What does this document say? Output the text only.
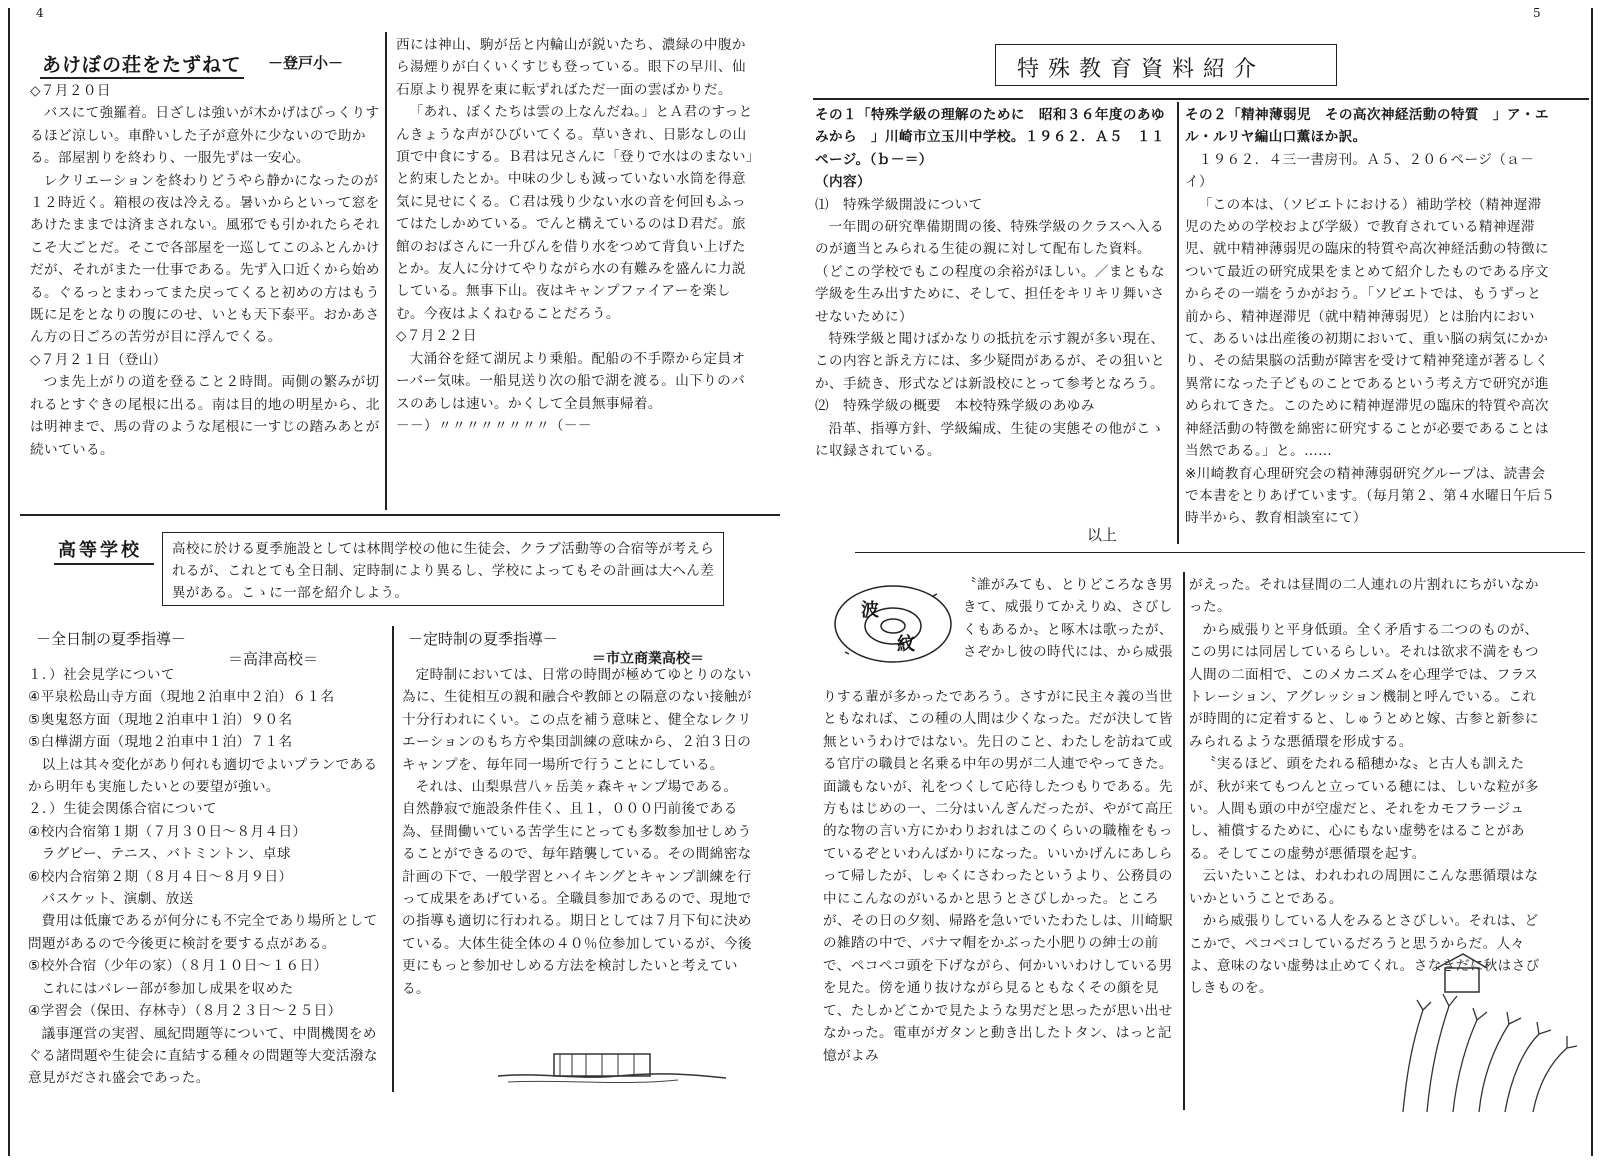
4
あけぼの荘をたずねて －登戸小－

◇７月２０日

バスにて強羅着。日ざしは強いが木かげはびっくりするほど涼しい。車酔いした子が意外に少ないので助かる。部屋割りを終わり、一服先ずは一安心。

レクリエーションを終わりどうやら静かになったのが１２時近く。箱根の夜は冷える。暑いからといって窓をあけたままでは済まされない。風邪でも引かれたらそれこそ大ごとだ。そこで各部屋を一巡してこのふとんかけだが、それがまた一仕事である。先ず入口近くから始める。ぐるっとまわってまた戻ってくると初めの方はもう既に足をとなりの腹にのせ、いとも天下泰平。おかあさん方の日ごろの苦労が目に浮んでくる。

◇７月２１日（登山）

つま先上がりの道を登ること２時間。両側の繁みが切れるとすぐきの尾根に出る。南は目的地の明星から、北は明神まで、馬の背のような尾根に一すじの踏みあとが続いている。

西には神山、駒が岳と内輪山が鋭いたち、濃緑の中腹から湯煙りが白くいくすじも登っている。眼下の早川、仙石原より視界を東に転ずればただ一面の雲ばかりだ。

「あれ、ぼくたちは雲の上なんだね。」とＡ君のすっとんきょうな声がひびいてくる。草いきれ、日影なしの山頂で中食にする。Ｂ君は兄さんに「登りで水はのまない」と約束したとか。中味の少しも減っていない水筒を得意気に見せにくる。Ｃ君は残り少ない水の音を何回もふってはたしかめている。でんと構えているのはＤ君だ。旅館のおばさんに一升びんを借り水をつめて背負い上げたとか。友人に分けてやりながら水の有難みを盛んに力説している。無事下山。夜はキャンプファイアーを楽しむ。今夜はよくねむることだろう。

◇７月２２日

大涌谷を経て湖尻より乗船。配船の不手際から定員オーバー気味。一船見送り次の船で湖を渡る。山下りのバスのあしは速い。かくして全員無事帰着。

－－）〃〃〃〃〃〃〃〃（－－

高等学校 高校に於ける夏季施設としては林間学校の他に生徒会、クラブ活動等の合宿等が考えられるが、これとても全日制、定時制により異るし、学校によってもその計画は大へん差異がある。こゝに一部を紹介しよう。
－全日制の夏季指導－
＝高津高校＝

１．）社会見学について

④平泉松島山寺方面（現地２泊車中２泊）６１名

⑤奥鬼怒方面（現地２泊車中１泊）９０名

⑤白樺湖方面（現地２泊車中１泊）７１名

以上は其々変化があり何れも適切でよいプランであるから明年も実施したいとの要望が強い。

２．）生徒会関係合宿について

④校内合宿第１期（７月３０日〜８月４日）

ラグビー、テニス、バトミントン、卓球

⑥校内合宿第２期（８月４日〜８月９日）

バスケット、演劇、放送

費用は低廉であるが何分にも不完全であり場所として問題があるので今後更に検討を要する点がある。

⑤校外合宿（少年の家）（８月１０日〜１６日）

これにはバレー部が参加し成果を収めた

④学習会（保田、存林寺）（８月２３日〜２５日）

議事運営の実習、風紀問題等について、中間機関をめぐる諸問題や生徒会に直結する種々の問題等大変活潑な意見がだされ盛会であった。

－定時制の夏季指導－
＝市立商業高校＝

定時制においては、日常の時間が極めてゆとりのない為に、生徒相互の親和融合や教師との隔意のない接触が十分行われにくい。この点を補う意味と、健全なレクリエーションのもち方や集団訓練の意味から、２泊３日のキャンプを、毎年同一場所で行うことにしている。

それは、山梨県营八ヶ岳美ヶ森キャンプ場である。　自然静寂で施設条件佳く、且１，０００円前後である為、昼間働いている苦学生にとっても多数参加せしめうることができるので、毎年踏襲している。その間綿密な計画の下で、一般学習とハイキングとキャンプ訓練を行って成果をあげている。全職員参加であるので、現地での指導も適切に行われる。期日としては７月下旬に決めている。大体生徒全体の４０％位参加しているが、今後更にもっと参加せしめる方法を検討したいと考えている。

5
特殊教育資料紹介

その１「特殊学級の理解のために　昭和３６年度のあゆみから　」川崎市立玉川中学校。１９６２．Ａ５　１１ページ。（ｂ－＝）

（内容）

⑴　特殊学級開設について

一年間の研究準備期間の後、特殊学級のクラスへ入るのが適当とみられる生徒の親に対して配布した資料。（どこの学校でもこの程度の余裕がほしい。／まともな学級を生み出すために、そして、担任をキリキリ舞いさせないために）

特殊学級と聞けばかなりの抵抗を示す親が多い現在、この内容と訴え方には、多少疑問があるが、その狙いとか、手続き、形式などは新設校にとって参考となろう。

⑵　特殊学級の概要　本校特殊学級のあゆみ

沿革、指導方針、学級編成、生徒の実態その他がこゝに収録されている。

以上

その２「精神薄弱児　その高次神経活動の特質　」ア・エル・ルリヤ編山口薫ほか訳。

１９６２．４三一書房刊。Ａ５、２０６ページ（ａ－イ）

「この本は、（ソビエトにおける）補助学校（精神遅滞児のための学校および学級）で教育されている精神遅滞児、就中精神薄弱児の臨床的特質や高次神経活動の特徴について最近の研究成果をまとめて紹介したものである序文からその一端をうかがおう。「ソビエトでは、もうずっと前から、精神遅滞児（就中精神薄弱児）とは胎内において、あるいは出産後の初期において、重い脳の病気にかかり、その結果脳の活動が障害を受けて精神発達が著るしく異常になった子どものことであるという考え方で研究が進められてきた。このために精神遅滞児の臨床的特質や高次神経活動の特徴を綿密に研究することが必要であることは当然である。」と。……

※川崎教育心理研究会の精神薄弱研究グループは、読書会で本書をとりあげています。（毎月第２、第４水曜日午后５時半から、教育相談室にて）

波
紋
〝誰がみても、とりどころなき男きて、威張りてかえりぬ、さびしくもあるか〟と啄木は歌ったが、さぞかし彼の時代には、から威張

りする輩が多かったであろう。さすがに民主々義の当世ともなれば、この種の人間は少くなった。だが決して皆無というわけではない。先日のこと、わたしを訪ねて或る官庁の職員と名乗る中年の男が二人連でやってきた。面識もないが、礼をつくして応待したつもりである。先方もはじめの一、二分はいんぎんだったが、やがて高圧的な物の言い方にかわりおれはこのくらいの職権をもっているぞといわんばかりになった。いいかげんにあしらって帰したが、しゃくにさわったというより、公務員の中にこんなのがいるかと思うとさびしかった。ところが、その日の夕刻、帰路を急いでいたわたしは、川崎駅の雑踏の中で、パナマ帽をかぶった小肥りの紳士の前で、ペコペコ頭を下げながら、何かいいわけしている男を見た。傍を通り抜けながら見るともなくその顔を見て、たしかどこかで見たような男だと思ったが思い出せなかった。電車がガタンと動き出したトタン、はっと記憶がよみ

がえった。それは昼間の二人連れの片割れにちがいなかった。

から威張りと平身低頭。全く矛盾する二つのものが、この男には同居しているらしい。それは欲求不満をもつ人間の二面相で、このメカニズムを心理学では、フラストレーション、アグレッション機制と呼んでいる。これが時間的に定着すると、しゅうとめと嫁、古参と新参にみられるような悪循環を形成する。

〝実るほど、頭をたれる稲穂かな〟と古人も訓えたが、秋が来てもつんと立っている穂には、しいな粒が多い。人間も頭の中が空虚だと、それをカモフラージュし、補償するために、心にもない虚勢をはることがある。そしてこの虚勢が悪循環を起す。

云いたいことは、われわれの周囲にこんな悪循環はないかということである。

から威張りしている人をみるとさびしい。それは、どこかで、ペコペコしているだろうと思うからだ。人々よ、意味のない虚勢は止めてくれ。さなきだに秋はさびしきものを。
